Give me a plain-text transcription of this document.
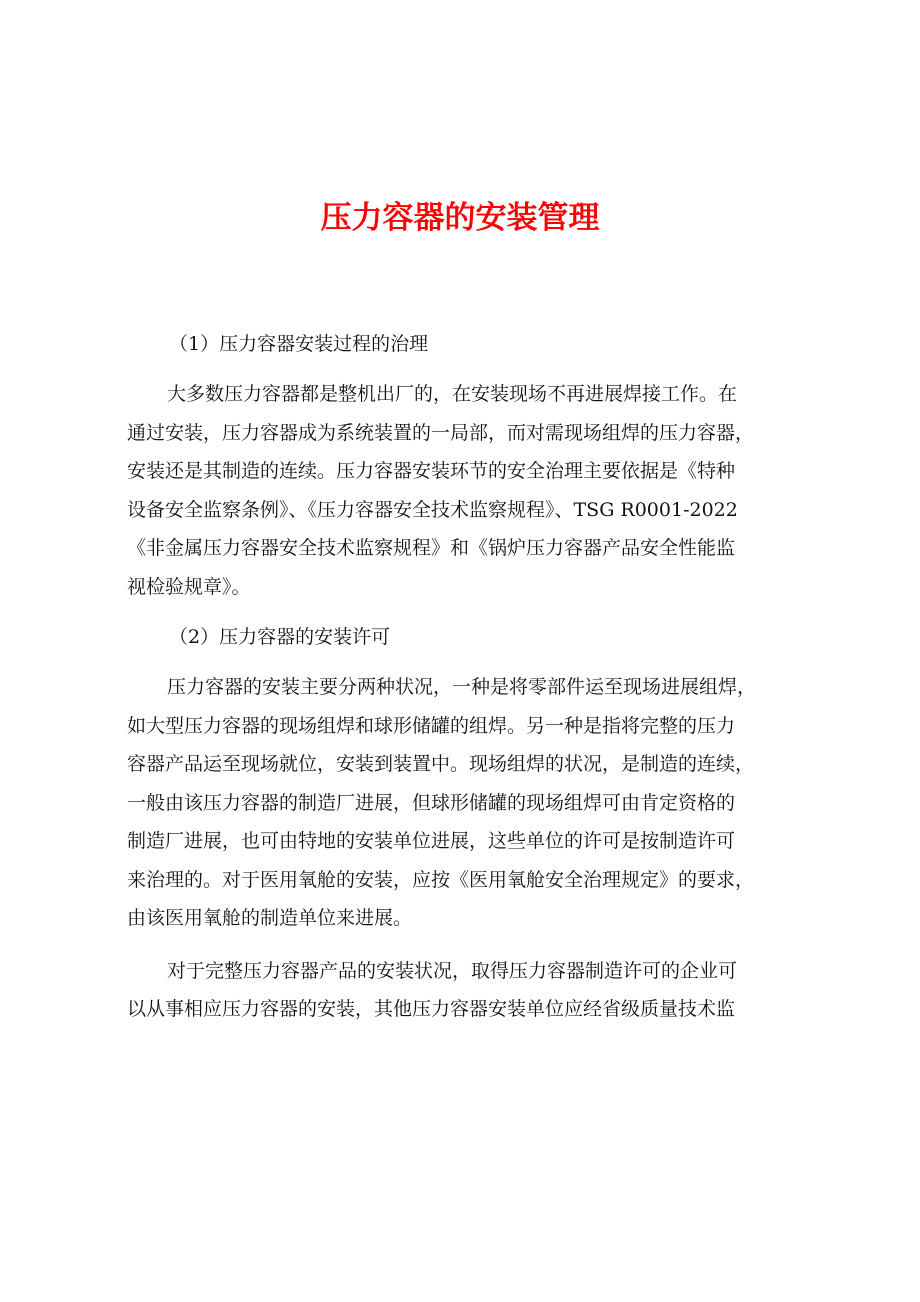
压力容器的安装管理
（1）压力容器安装过程的治理

大多数压力容器都是整机出厂的，在安装现场不再进展焊接工作。在
通过安装，压力容器成为系统装置的一局部，而对需现场组焊的压力容器，
安装还是其制造的连续。压力容器安装环节的安全治理主要依据是《特种
设备安全监察条例》、《压力容器安全技术监察规程》、TSG R0001-2022
《非金属压力容器安全技术监察规程》和《锅炉压力容器产品安全性能监
视检验规章》。

（2）压力容器的安装许可

压力容器的安装主要分两种状况，一种是将零部件运至现场进展组焊，
如大型压力容器的现场组焊和球形储罐的组焊。另一种是指将完整的压力
容器产品运至现场就位，安装到装置中。现场组焊的状况，是制造的连续，
一般由该压力容器的制造厂进展，但球形储罐的现场组焊可由肯定资格的
制造厂进展，也可由特地的安装单位进展，这些单位的许可是按制造许可
来治理的。对于医用氧舱的安装，应按《医用氧舱安全治理规定》的要求，
由该医用氧舱的制造单位来进展。

对于完整压力容器产品的安装状况，取得压力容器制造许可的企业可
以从事相应压力容器的安装，其他压力容器安装单位应经省级质量技术监
